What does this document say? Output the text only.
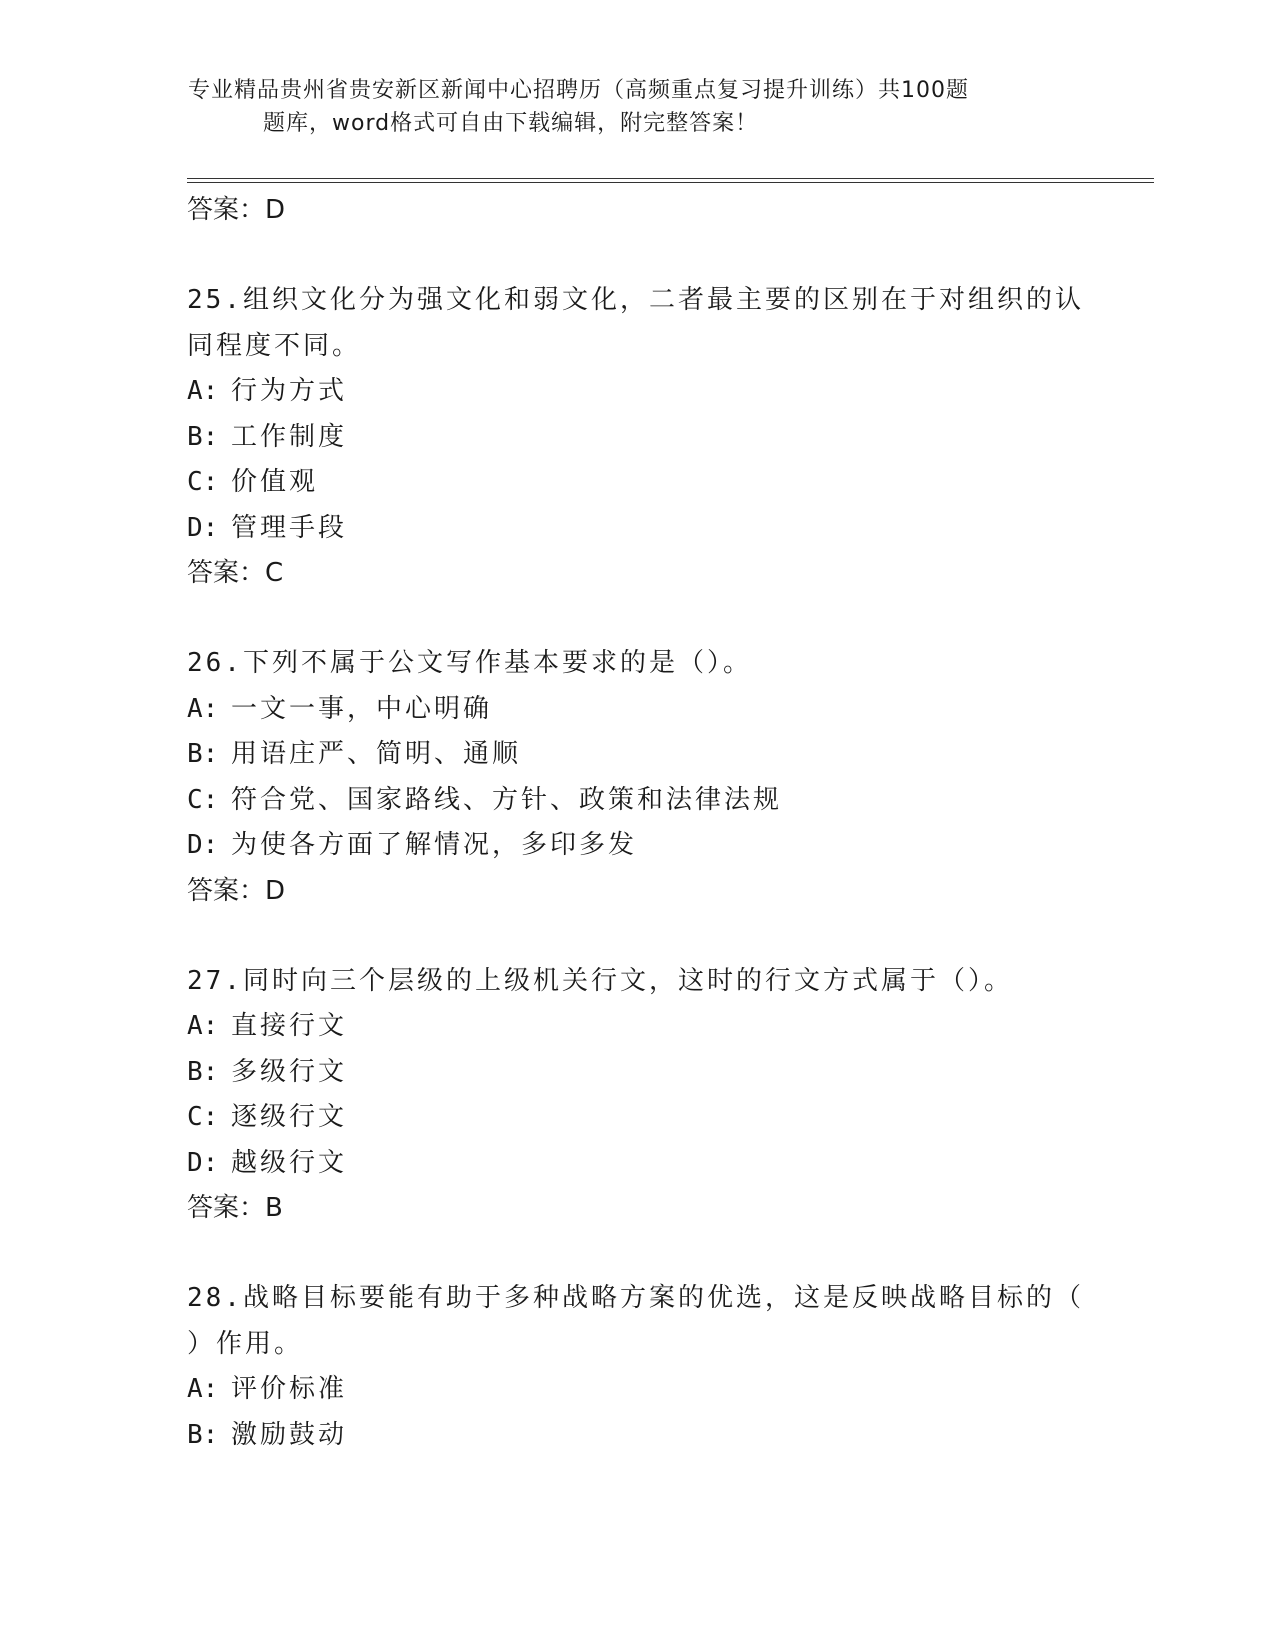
专业精品贵州省贵安新区新闻中心招聘历（高频重点复习提升训练）共100题
题库，word格式可自由下载编辑，附完整答案！
答案：D
25.组织文化分为强文化和弱文化，二者最主要的区别在于对组织的认
同程度不同。
A: 行为方式
B: 工作制度
C: 价值观
D: 管理手段
答案：C
26.下列不属于公文写作基本要求的是（）。
A: 一文一事，中心明确
B: 用语庄严、简明、通顺
C: 符合党、国家路线、方针、政策和法律法规
D: 为使各方面了解情况，多印多发
答案：D
27.同时向三个层级的上级机关行文，这时的行文方式属于（）。
A: 直接行文
B: 多级行文
C: 逐级行文
D: 越级行文
答案：B
28.战略目标要能有助于多种战略方案的优选，这是反映战略目标的（
）作用。
A: 评价标准
B: 激励鼓动
